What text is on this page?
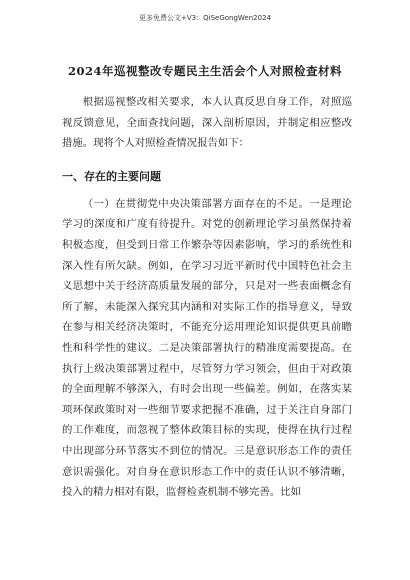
更多免费公文+V3：QiSeGongWen2024
2024年巡视整改专题民主生活会个人对照检查材料

根据巡视整改相关要求，本人认真反思自身工作，对照巡视反馈意见，全面查找问题，深入剖析原因，并制定相应整改措施。现将个人对照检查情况报告如下：

一、存在的主要问题

（一）在贯彻党中央决策部署方面存在的不足。一是理论学习的深度和广度有待提升。对党的创新理论学习虽然保持着积极态度，但受到日常工作繁杂等因素影响，学习的系统性和深入性有所欠缺。例如，在学习习近平新时代中国特色社会主义思想中关于经济高质量发展的部分，只是对一些表面概念有所了解，未能深入探究其内涵和对实际工作的指导意义，导致在参与相关经济决策时，不能充分运用理论知识提供更具前瞻性和科学性的建议。二是决策部署执行的精准度需要提高。在执行上级决策部署过程中，尽管努力学习领会，但由于对政策的全面理解不够深入，有时会出现一些偏差。例如，在落实某项环保政策时对一些细节要求把握不准确，过于关注自身部门的工作难度，而忽视了整体政策目标的实现，使得在执行过程中出现部分环节落实不到位的情况。三是意识形态工作的责任意识需强化。对自身在意识形态工作中的责任认识不够清晰，投入的精力相对有限，监督检查机制不够完善。比如
